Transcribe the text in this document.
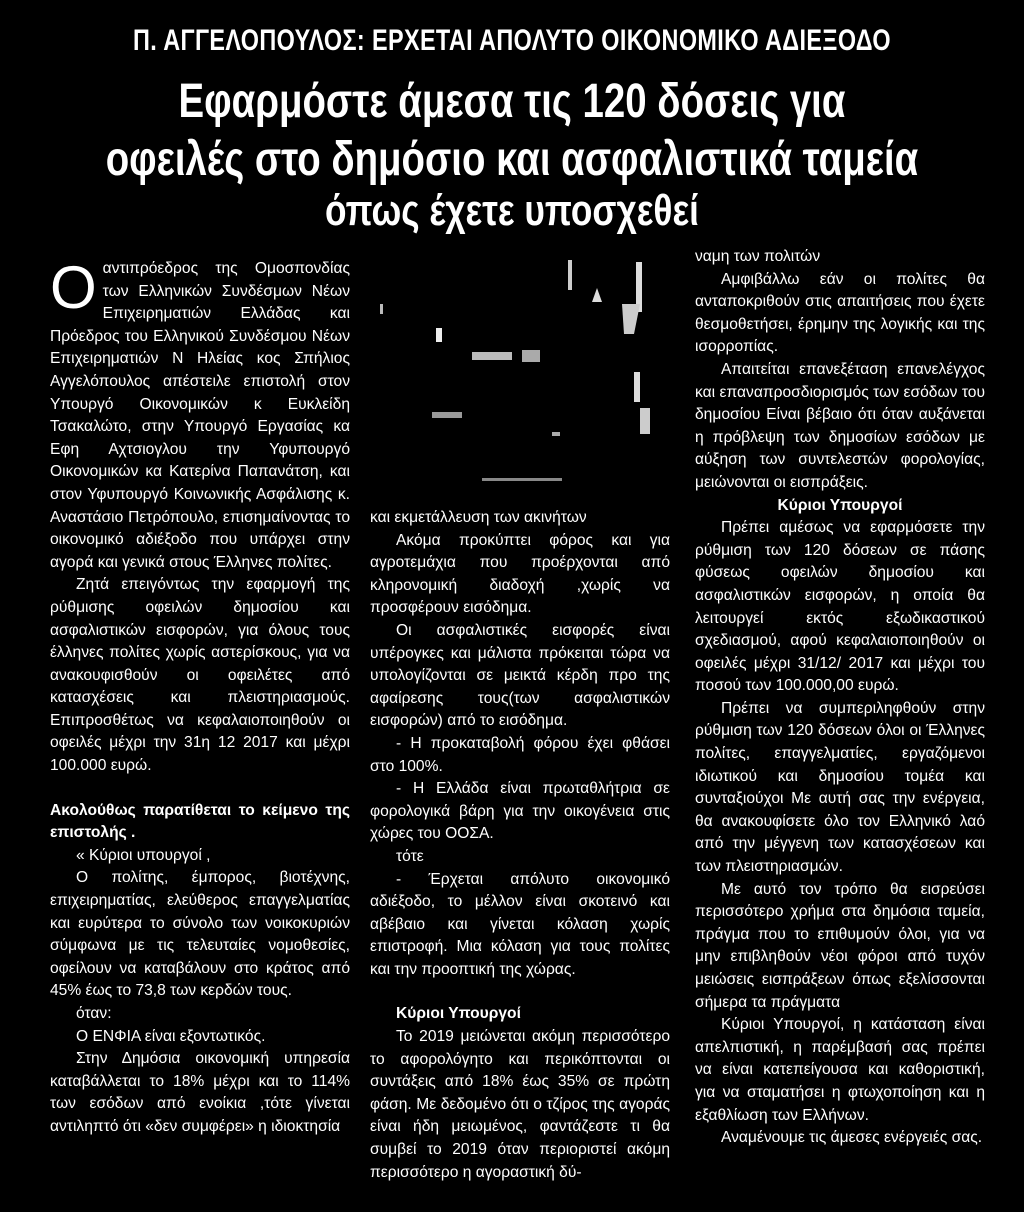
Π. ΑΓΓΕΛΟΠΟΥΛΟΣ: ΕΡΧΕΤΑΙ ΑΠΟΛΥΤΟ ΟΙΚΟΝΟΜΙΚΟ ΑΔΙΕΞΟΔΟ
Εφαρμόστε άμεσα τις 120 δόσεις για
οφειλές στο δημόσιο και ασφαλιστικά ταμεία
όπως έχετε υποσχεθεί

Οαντιπρόεδρος της Ομοσπονδίας των Ελληνικών Συνδέσμων Νέων Επιχειρηματιών Ελλάδας και Πρόεδρος του Ελληνικού Συνδέσμου Νέων Επιχειρηματιών Ν Ηλείας κος Σπήλιος Αγγελόπουλος απέστειλε επιστολή στον Υπουργό Οικονομικών κ Ευκλείδη Τσακαλώτο, στην Υπουργό Εργασίας κα Εφη Αχτσιογλου την Υφυπουργό Οικονομικών κα Κατερίνα Παπανάτση, και στον Υφυπουργό Κοινωνικής Ασφάλισης κ. Αναστάσιο Πετρόπουλο, επισημαίνοντας το οικονομικό αδιέξοδο που υπάρχει στην αγορά και γενικά στους Έλληνες πολίτες.

Ζητά επειγόντως την εφαρμογή της ρύθμισης οφειλών δημοσίου και ασφαλιστικών εισφορών, για όλους τους έλληνες πολίτες χωρίς αστερίσκους, για να ανακουφισθούν οι οφειλέτες από κατασχέσεις και πλειστηριασμούς. Επιπροσθέτως να κεφαλαιοποιηθούν οι οφειλές μέχρι την 31η 12 2017 και μέχρι 100.000 ευρώ.

Ακολούθως παρατίθεται το κείμενο της επιστολής .

« Κύριοι υπουργοί ,

Ο πολίτης, έμπορος, βιοτέχνης, επιχειρηματίας, ελεύθερος επαγγελματίας και ευρύτερα το σύνολο των νοικοκυριών σύμφωνα με τις τελευταίες νομοθεσίες, οφείλουν να καταβάλουν στο κράτος από 45% έως το 73,8 των κερδών τους.

όταν:

Ο ΕΝΦΙΑ είναι εξοντωτικός.

Στην Δημόσια οικονομική υπηρεσία καταβάλλεται το 18% μέχρι και το 114% των εσόδων από ενοίκια ,τότε γίνεται αντιληπτό ότι «δεν συμφέρει» η ιδιοκτησία

και εκμετάλλευση των ακινήτων

Ακόμα προκύπτει φόρος και για αγροτεμάχια που προέρχονται από κληρονομική διαδοχή ,χωρίς να προσφέρουν εισόδημα.

Οι ασφαλιστικές εισφορές είναι υπέρογκες και μάλιστα πρόκειται τώρα να υπολογίζονται σε μεικτά κέρδη προ της αφαίρεσης τους(των ασφαλιστικών εισφορών) από το εισόδημα.

- Η προκαταβολή φόρου έχει φθάσει στο 100%.

- Η Ελλάδα είναι πρωταθλήτρια σε φορολογικά βάρη για την οικογένεια στις χώρες του ΟΟΣΑ.

τότε

- Έρχεται απόλυτο οικονομικό αδιέξοδο, το μέλλον είναι σκοτεινό και αβέβαιο και γίνεται κόλαση χωρίς επιστροφή. Μια κόλαση για τους πολίτες και την προοπτική της χώρας.

Κύριοι Υπουργοί

Το 2019 μειώνεται ακόμη περισσότερο το αφορολόγητο και περικόπτονται οι συντάξεις από 18% έως 35% σε πρώτη φάση. Με δεδομένο ότι ο τζίρος της αγοράς είναι ήδη μειωμένος, φαντάζεστε τι θα συμβεί το 2019 όταν περιοριστεί ακόμη περισσότερο η αγοραστική δύ-

ναμη των πολιτών

Αμφιβάλλω εάν οι πολίτες θα ανταποκριθούν στις απαιτήσεις που έχετε θεσμοθετήσει, έρημην της λογικής και της ισορροπίας.

Απαιτείται επανεξέταση επανελέγχος και επαναπροσδιορισμός των εσόδων του δημοσίου Είναι βέβαιο ότι όταν αυξάνεται η πρόβλεψη των δημοσίων εσόδων με αύξηση των συντελεστών φορολογίας, μειώνονται οι εισπράξεις.

Κύριοι Υπουργοί

Πρέπει αμέσως να εφαρμόσετε την ρύθμιση των 120 δόσεων σε πάσης φύσεως οφειλών δημοσίου και ασφαλιστικών εισφορών, η οποία θα λειτουργεί εκτός εξωδικαστικού σχεδιασμού, αφού κεφαλαιοποιηθούν οι οφειλές μέχρι 31/12/ 2017 και μέχρι του ποσού των 100.000,00 ευρώ.

Πρέπει να συμπεριληφθούν στην ρύθμιση των 120 δόσεων όλοι οι Έλληνες πολίτες, επαγγελματίες, εργαζόμενοι ιδιωτικού και δημοσίου τομέα και συνταξιούχοι Με αυτή σας την ενέργεια, θα ανακουφίσετε όλο τον Ελληνικό λαό από την μέγγενη των κατασχέσεων και των πλειστηριασμών.

Με αυτό τον τρόπο θα εισρεύσει περισσότερο χρήμα στα δημόσια ταμεία, πράγμα που το επιθυμούν όλοι, για να μην επιβληθούν νέοι φόροι από τυχόν μειώσεις εισπράξεων όπως εξελίσσονται σήμερα τα πράγματα

Κύριοι Υπουργοί, η κατάσταση είναι απελπιστική, η παρέμβασή σας πρέπει να είναι κατεπείγουσα και καθοριστική, για να σταματήσει η φτωχοποίηση και η εξαθλίωση των Ελλήνων.

Αναμένουμε τις άμεσες ενέργειές σας.
